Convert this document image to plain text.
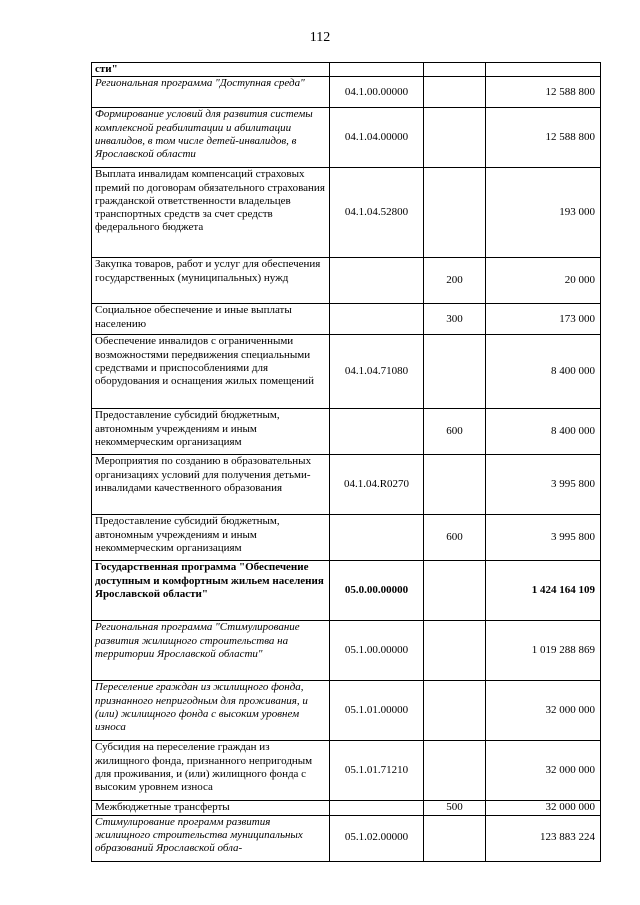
112
сти"			
Региональная программа "Доступная среда"	04.1.00.00000		12 588 800
Формирование условий для развития системы комплексной реабилитации и абилитации инвалидов, в том числе детей-инвалидов, в Ярославской области	04.1.04.00000		12 588 800
Выплата инвалидам компенсаций страховых премий по договорам обязательного страхования гражданской ответственности владельцев транспортных средств за счет средств федерального бюджета	04.1.04.52800		193 000
Закупка товаров, работ и услуг для обеспечения государственных (муниципальных) нужд		200	20 000
Социальное обеспечение и иные выплаты населению		300	173 000
Обеспечение инвалидов с ограниченными возможностями передвижения специальными средствами и приспособлениями для оборудования и оснащения жилых помещений	04.1.04.71080		8 400 000
Предоставление субсидий бюджетным, автономным учреждениям и иным некоммерческим организациям		600	8 400 000
Мероприятия по созданию в образовательных организациях условий для получения детьми-инвалидами качественного образования	04.1.04.R0270		3 995 800
Предоставление субсидий бюджетным, автономным учреждениям и иным некоммерческим организациям		600	3 995 800
Государственная программа "Обеспечение доступным и комфортным жильем населения Ярославской области"	05.0.00.00000		1 424 164 109
Региональная программа "Стимулирование развития жилищного строительства на территории Ярославской области"	05.1.00.00000		1 019 288 869
Переселение граждан из жилищного фонда, признанного непригодным для проживания, и (или) жилищного фонда с высоким уровнем износа	05.1.01.00000		32 000 000
Субсидия на переселение граждан из жилищного фонда, признанного непригодным для проживания, и (или) жилищного фонда с высоким уровнем износа	05.1.01.71210		32 000 000
Межбюджетные трансферты		500	32 000 000
Стимулирование программ развития жилищного строительства муниципальных образований Ярославской обла-	05.1.02.00000		123 883 224
